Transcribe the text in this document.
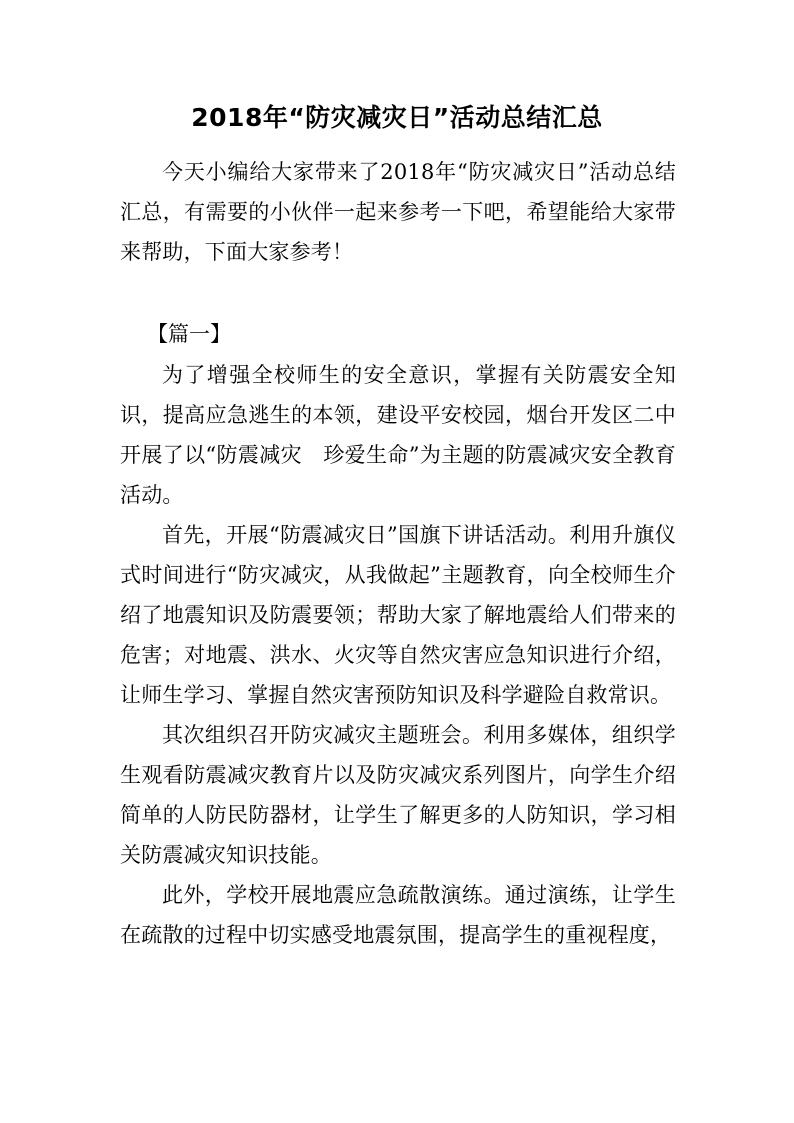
2018年“防灾减灾日”活动总结汇总

今天小编给大家带来了2018年“防灾减灾日”活动总结汇总，有需要的小伙伴一起来参考一下吧，希望能给大家带来帮助，下面大家参考！

【篇一】

为了增强全校师生的安全意识，掌握有关防震安全知识，提高应急逃生的本领，建设平安校园，烟台开发区二中开展了以“防震减灾　珍爱生命”为主题的防震减灾安全教育活动。

首先，开展“防震减灾日”国旗下讲话活动。利用升旗仪式时间进行“防灾减灾，从我做起”主题教育，向全校师生介绍了地震知识及防震要领；帮助大家了解地震给人们带来的危害；对地震、洪水、火灾等自然灾害应急知识进行介绍，让师生学习、掌握自然灾害预防知识及科学避险自救常识。

其次组织召开防灾减灾主题班会。利用多媒体，组织学生观看防震减灾教育片以及防灾减灾系列图片，向学生介绍简单的人防民防器材，让学生了解更多的人防知识，学习相关防震减灾知识技能。

此外，学校开展地震应急疏散演练。通过演练，让学生在疏散的过程中切实感受地震氛围，提高学生的重视程度，
